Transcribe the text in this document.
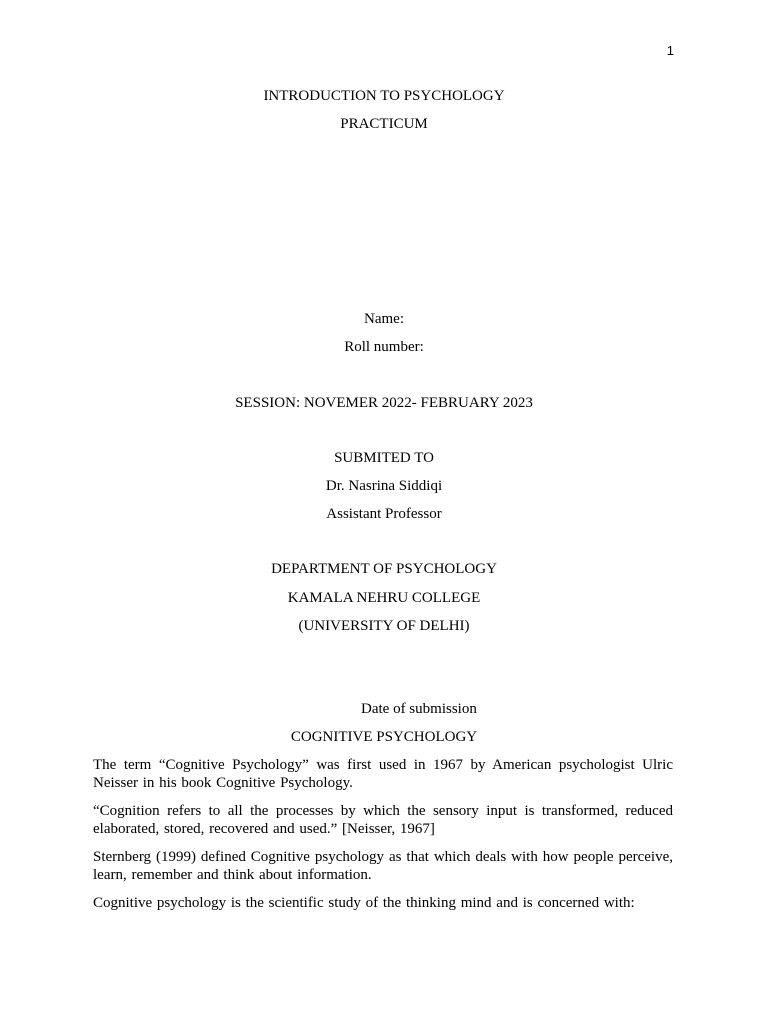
1
INTRODUCTION TO PSYCHOLOGY
PRACTICUM
Name:
Roll number:
SESSION: NOVEMER 2022- FEBRUARY 2023
SUBMITED TO
Dr. Nasrina Siddiqi
Assistant Professor
DEPARTMENT OF PSYCHOLOGY
KAMALA NEHRU COLLEGE
(UNIVERSITY OF DELHI)
Date of submission
COGNITIVE PSYCHOLOGY
The term “Cognitive Psychology” was first used in 1967 by American psychologist Ulric Neisser in his book Cognitive Psychology.
“Cognition refers to all the processes by which the sensory input is transformed, reduced elaborated, stored, recovered and used.” [Neisser, 1967]
Sternberg (1999) defined Cognitive psychology as that which deals with how people perceive, learn, remember and think about information.
Cognitive psychology is the scientific study of the thinking mind and is concerned with:
